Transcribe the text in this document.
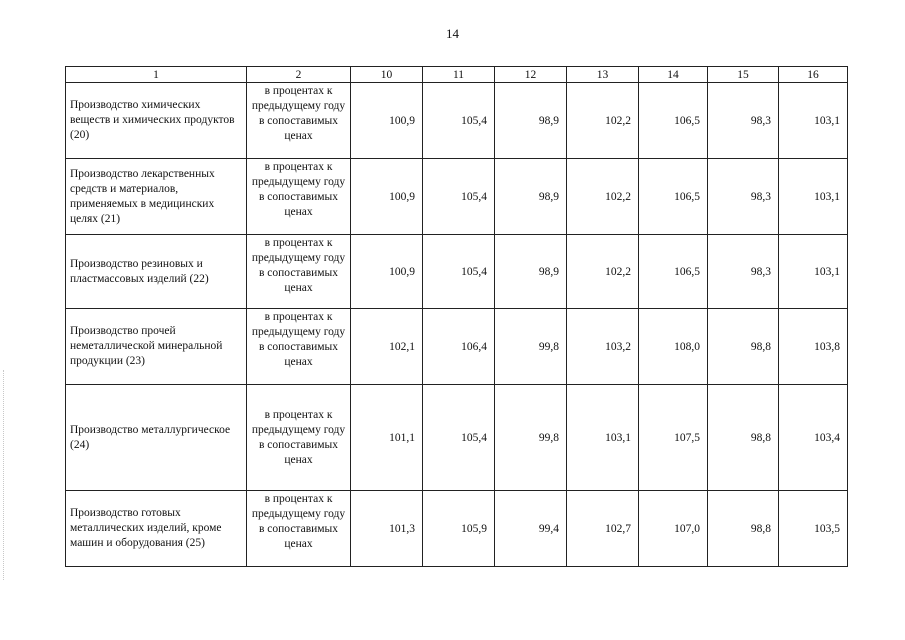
14
1	2	10	11	12	13	14	15	16
Производство химических веществ и химических продуктов (20)	в процентах к предыдущему году в сопоставимых ценах	100,9	105,4	98,9	102,2	106,5	98,3	103,1
Производство лекарственных средств и материалов, применяемых в медицинских целях (21)	в процентах к предыдущему году в сопоставимых ценах	100,9	105,4	98,9	102,2	106,5	98,3	103,1
Производство резиновых и пластмассовых изделий (22)	в процентах к предыдущему году в сопоставимых ценах	100,9	105,4	98,9	102,2	106,5	98,3	103,1
Производство прочей неметаллической минеральной продукции (23)	в процентах к предыдущему году в сопоставимых ценах	102,1	106,4	99,8	103,2	108,0	98,8	103,8
Производство металлургическое (24)	в процентах к предыдущему году в сопоставимых ценах	101,1	105,4	99,8	103,1	107,5	98,8	103,4
Производство готовых металлических изделий, кроме машин и оборудования (25)	в процентах к предыдущему году в сопоставимых ценах	101,3	105,9	99,4	102,7	107,0	98,8	103,5
